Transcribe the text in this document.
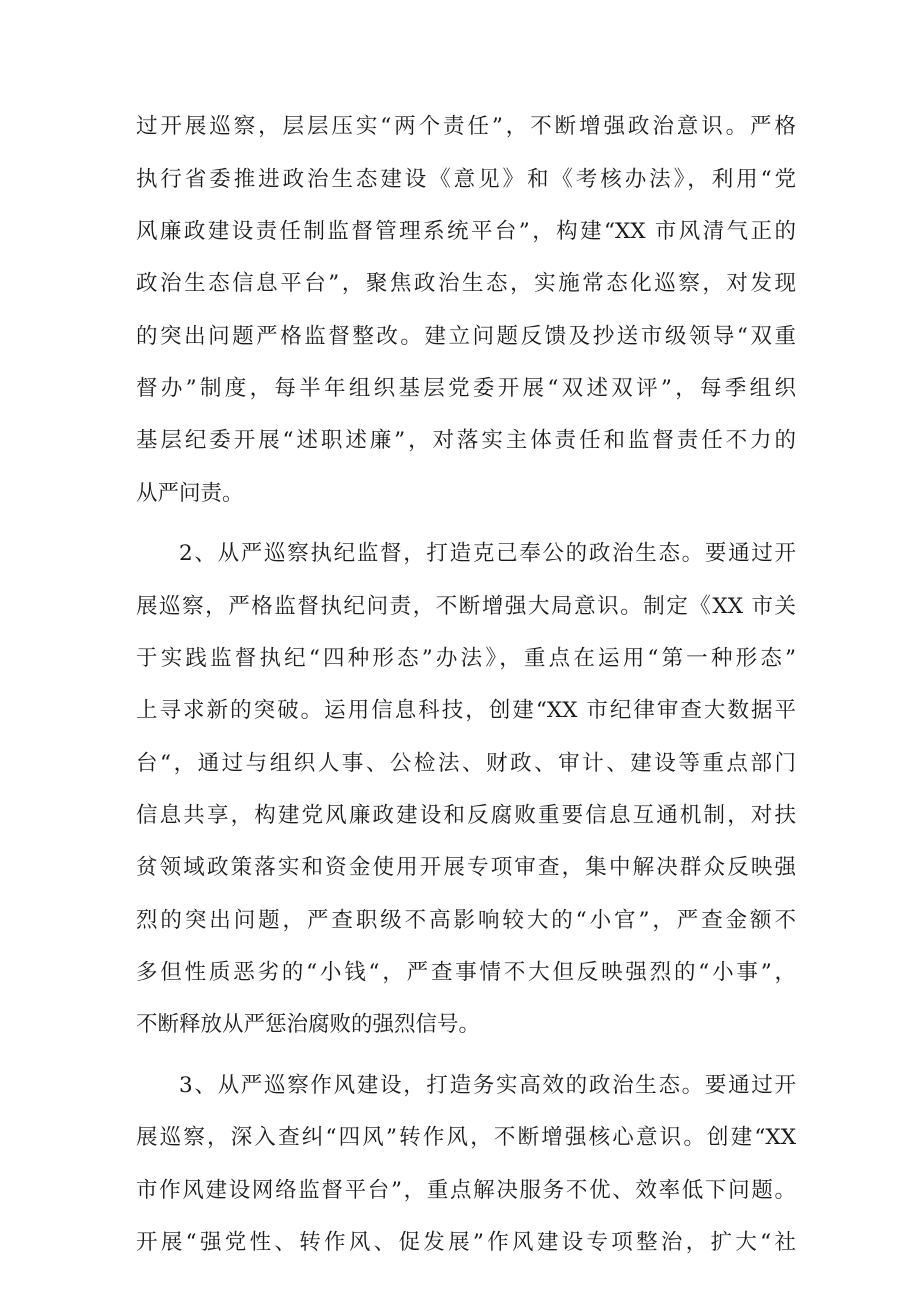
过开展巡察，层层压实“两个责任”，不断增强政治意识。严格
执行省委推进政治生态建设《意见》和《考核办法》，利用“党
风廉政建设责任制监督管理系统平台”，构建“XX 市风清气正的
政治生态信息平台”，聚焦政治生态，实施常态化巡察，对发现
的突出问题严格监督整改。建立问题反馈及抄送市级领导“双重
督办”制度，每半年组织基层党委开展“双述双评”，每季组织
基层纪委开展“述职述廉”，对落实主体责任和监督责任不力的
从严问责。
2、从严巡察执纪监督，打造克己奉公的政治生态。要通过开
展巡察，严格监督执纪问责，不断增强大局意识。制定《XX 市关
于实践监督执纪“四种形态”办法》，重点在运用“第一种形态”
上寻求新的突破。运用信息科技，创建“XX 市纪律审查大数据平
台“，通过与组织人事、公检法、财政、审计、建设等重点部门
信息共享，构建党风廉政建设和反腐败重要信息互通机制，对扶
贫领域政策落实和资金使用开展专项审查，集中解决群众反映强
烈的突出问题，严查职级不高影响较大的“小官”，严查金额不
多但性质恶劣的“小钱“，严查事情不大但反映强烈的“小事”，
不断释放从严惩治腐败的强烈信号。
3、从严巡察作风建设，打造务实高效的政治生态。要通过开
展巡察，深入查纠“四风”转作风，不断增强核心意识。创建“XX
市作风建设网络监督平台”，重点解决服务不优、效率低下问题。
开展“强党性、转作风、促发展”作风建设专项整治，扩大“社
